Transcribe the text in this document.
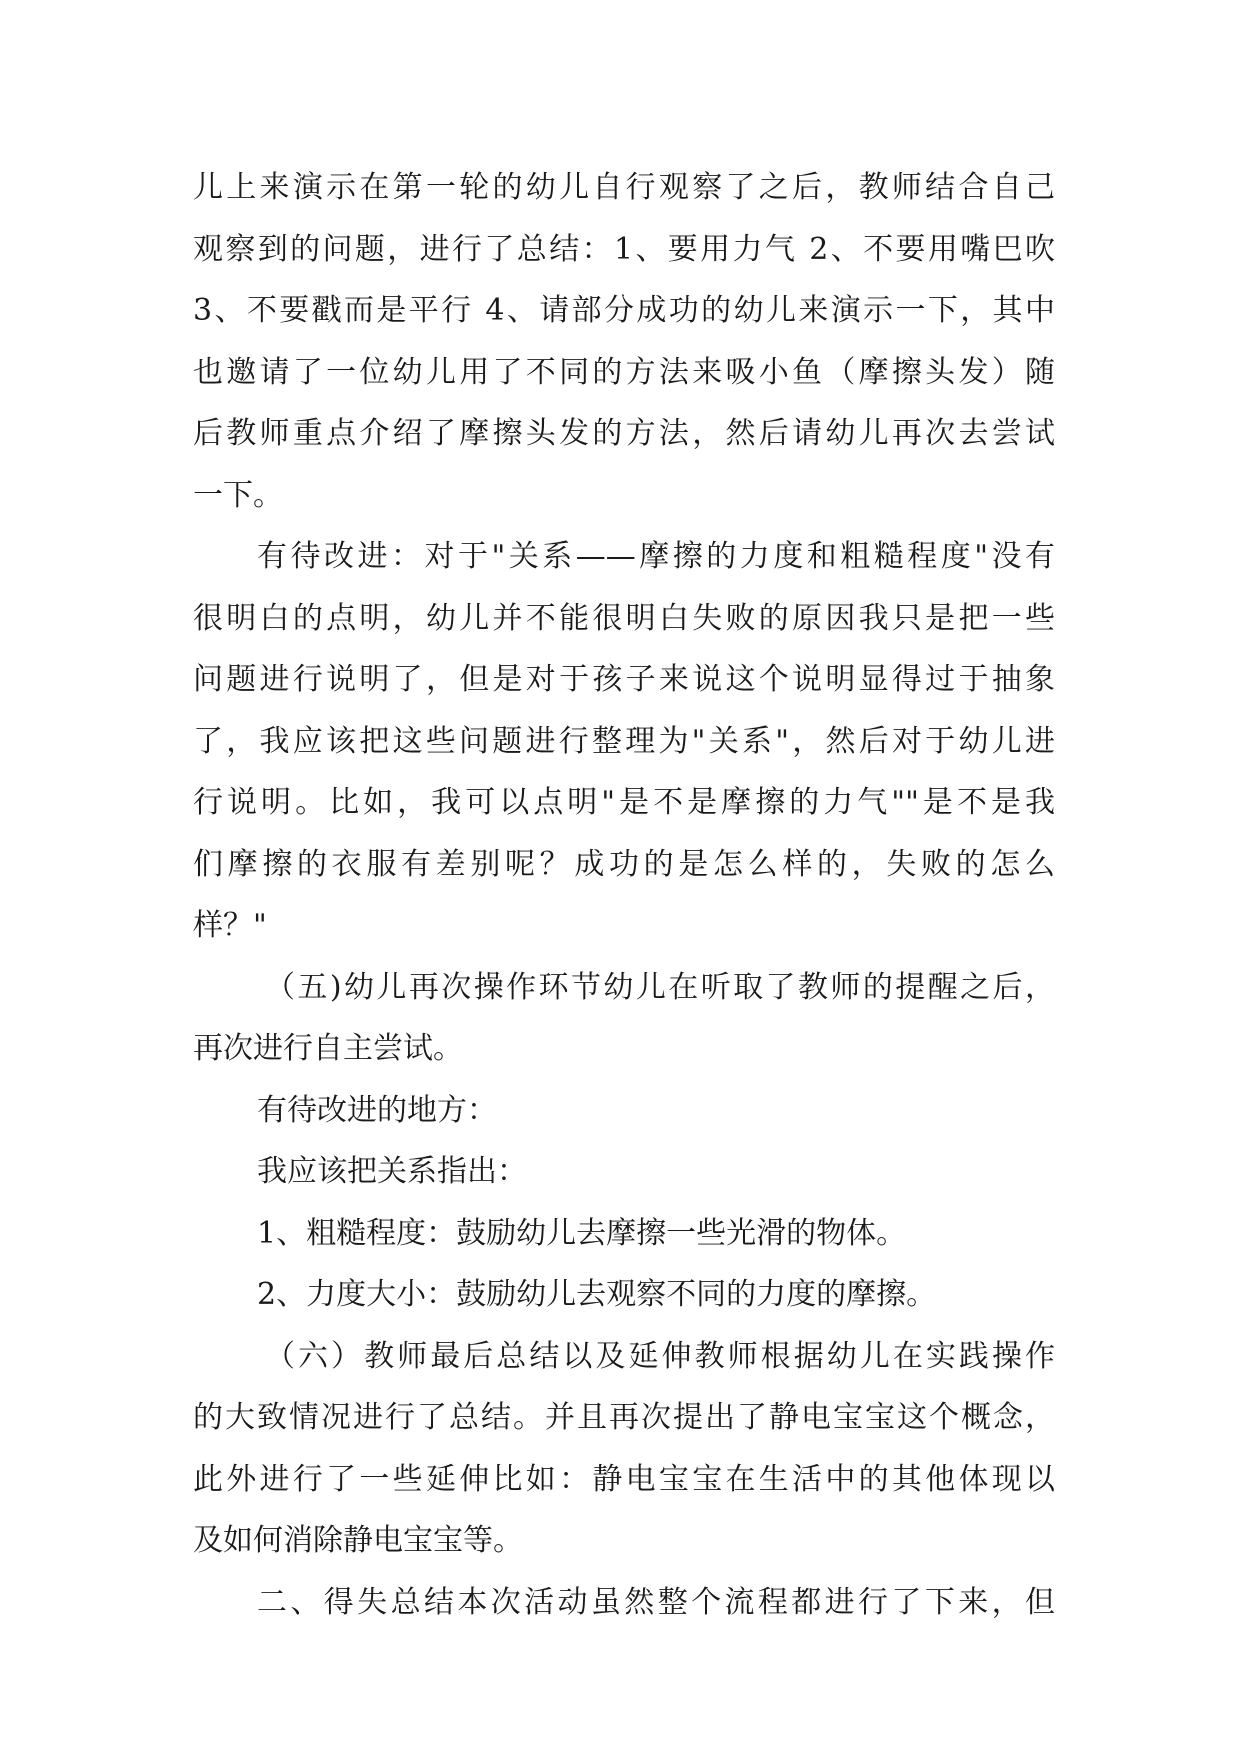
儿上来演示在第一轮的幼儿自行观察了之后，教师结合自己
观察到的问题，进行了总结：1、要用力气 2、不要用嘴巴吹
3、不要戳而是平行 4、请部分成功的幼儿来演示一下，其中
也邀请了一位幼儿用了不同的方法来吸小鱼（摩擦头发）随
后教师重点介绍了摩擦头发的方法，然后请幼儿再次去尝试
一下。
有待改进：对于"关系——摩擦的力度和粗糙程度"没有
很明白的点明，幼儿并不能很明白失败的原因我只是把一些
问题进行说明了，但是对于孩子来说这个说明显得过于抽象
了，我应该把这些问题进行整理为"关系"，然后对于幼儿进
行说明。比如，我可以点明"是不是摩擦的力气""是不是我
们摩擦的衣服有差别呢？成功的是怎么样的，失败的怎么
样？"
（五)幼儿再次操作环节幼儿在听取了教师的提醒之后，
再次进行自主尝试。
有待改进的地方：
我应该把关系指出：
1、粗糙程度：鼓励幼儿去摩擦一些光滑的物体。
2、力度大小：鼓励幼儿去观察不同的力度的摩擦。
（六）教师最后总结以及延伸教师根据幼儿在实践操作
的大致情况进行了总结。并且再次提出了静电宝宝这个概念，
此外进行了一些延伸比如：静电宝宝在生活中的其他体现以
及如何消除静电宝宝等。
二、得失总结本次活动虽然整个流程都进行了下来，但
